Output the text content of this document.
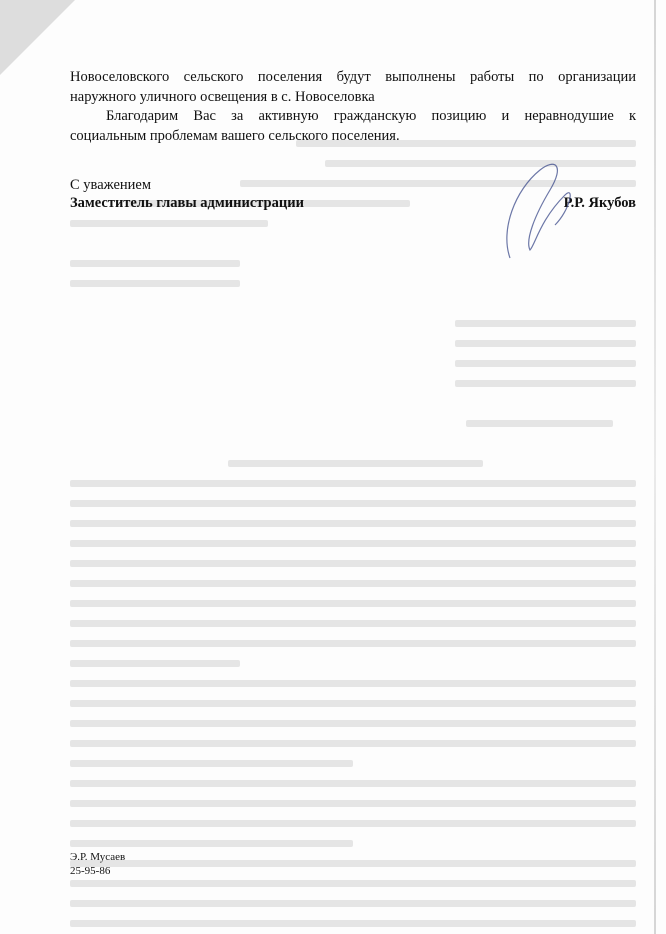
Новоселовского сельского поселения будут выполнены работы по организации
наружного уличного освещения в с. Новоселовка
Благодарим Вас за активную гражданскую позицию и неравнодушие к
социальным проблемам вашего сельского поселения.
С уважением
Заместитель главы администрации	Р.Р. Якубов
Э.Р. Мусаев
25-95-86
